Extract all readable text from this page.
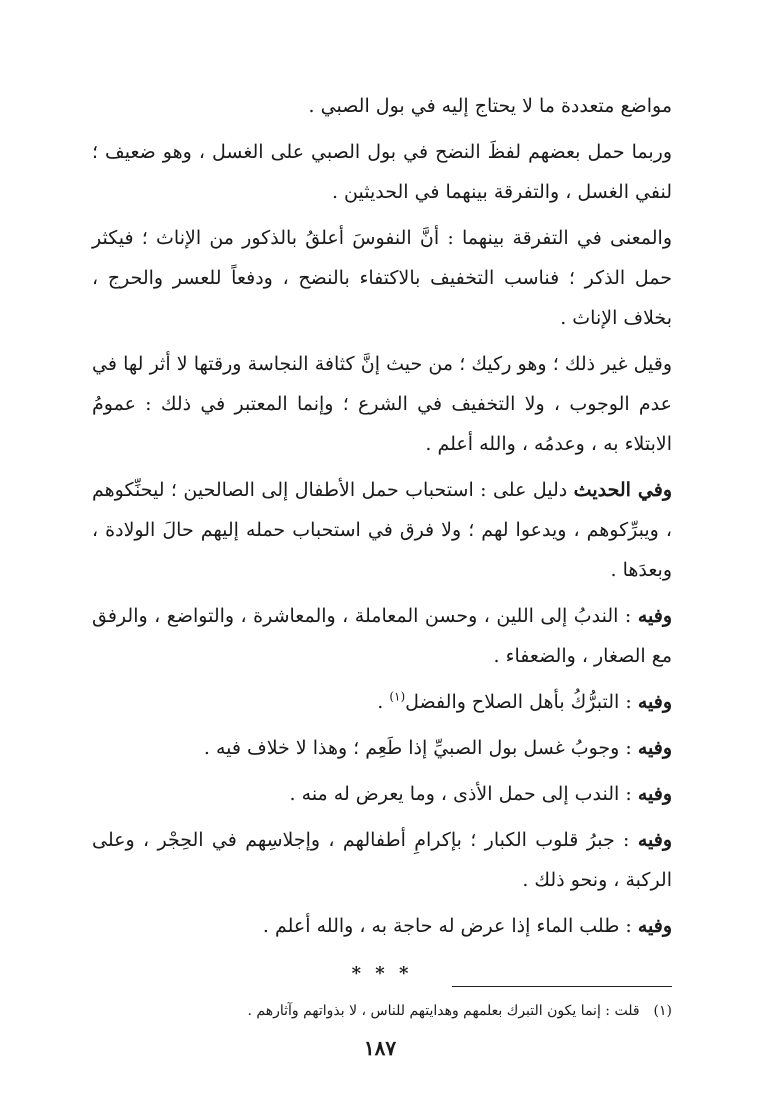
مواضع متعددة ما لا يحتاج إليه في بول الصبي .

وربما حمل بعضهم لفظَ النضح في بول الصبي على الغسل ، وهو ضعيف ؛ لنفي الغسل ، والتفرقة بينهما في الحديثين .

والمعنى في التفرقة بينهما : أنَّ النفوسَ أعلقُ بالذكور من الإناث ؛ فيكثر حمل الذكر ؛ فناسب التخفيف بالاكتفاء بالنضح ، ودفعاً للعسر والحرج ، بخلاف الإناث .

وقيل غير ذلك ؛ وهو ركيك ؛ من حيث إنَّ كثافة النجاسة ورقتها لا أثر لها في عدم الوجوب ، ولا التخفيف في الشرع ؛ وإنما المعتبر في ذلك : عمومُ الابتلاء به ، وعدمُه ، والله أعلم .

وفي الحديث دليل على : استحباب حمل الأطفال إلى الصالحين ؛ ليحنِّكوهم ، ويبرِّكوهم ، ويدعوا لهم ؛ ولا فرق في استحباب حمله إليهم حالَ الولادة ، وبعدَها .

وفيه : الندبُ إلى اللين ، وحسن المعاملة ، والمعاشرة ، والتواضع ، والرفق مع الصغار ، والضعفاء .

وفيه : التبرُّكُ بأهل الصلاح والفضل$^{(١)}$ .

وفيه : وجوبُ غسل بول الصبيِّ إذا طَعِم ؛ وهذا لا خلاف فيه .

وفيه : الندب إلى حمل الأذى ، وما يعرض له منه .

وفيه : جبرُ قلوب الكبار ؛ بإكرامِ أطفالهم ، وإجلاسِهم في الحِجْر ، وعلى الركبة ، ونحو ذلك .

وفيه : طلب الماء إذا عرض له حاجة به ، والله أعلم .

* * *
(١)قلت : إنما يكون التبرك بعلمهم وهدايتهم للناس ، لا بذواتهم وآثارهم .
١٨٧
